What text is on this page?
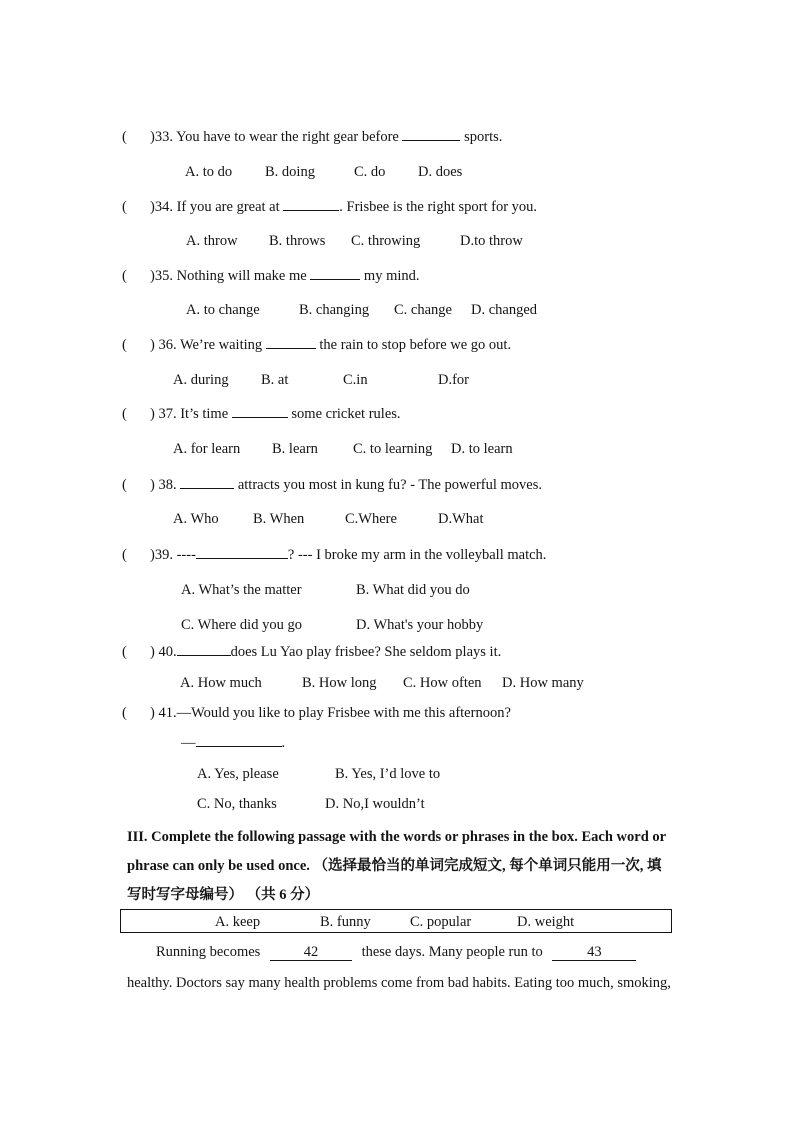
( )33. You have to wear the right gear before	sports.
A. to do B. doing	C. do D. does
( )34. If you are great at	. Frisbee is the right sport for you.
A. throw B. throws C. throwing	D.to throw
( )35. Nothing will make me	my mind.
A. to change	B. changing C. change D. changed
( ) 36. We’re waiting	the rain to stop before we go out.
A. during B. at	C.in	D.for
( ) 37. It’s time	some cricket rules.
A. for learn B. learn C. to learning D. to learn
( ) 38.	attracts you most in kung fu? - The powerful moves.
A. Who B. When	C.Where	D.What
( )39. ----	? --- I broke my arm in the volleyball match.
A. What’s the matter	B. What did you do
C. Where did you go	D. What's your hobby
( ) 40.	does Lu Yao play frisbee? She seldom plays it.
A. How much	B. How long C. How often D. How many
( ) 41.—Would you like to play Frisbee with me this afternoon?
—	.
A. Yes, please	B. Yes, I’d love to
C. No, thanks	D. No,I wouldn’t
III. Complete the following passage with the words or phrases in the box. Each word or
phrase can only be used once. （选择最恰当的单词完成短文, 每个单词只能用一次, 填
写时写字母编号） （共 6 分）
A. keep	B. funny	C. popular	D. weight
Running becomes	42	these days. Many people run to	43
healthy. Doctors say many health problems come from bad habits. Eating too much, smoking,
